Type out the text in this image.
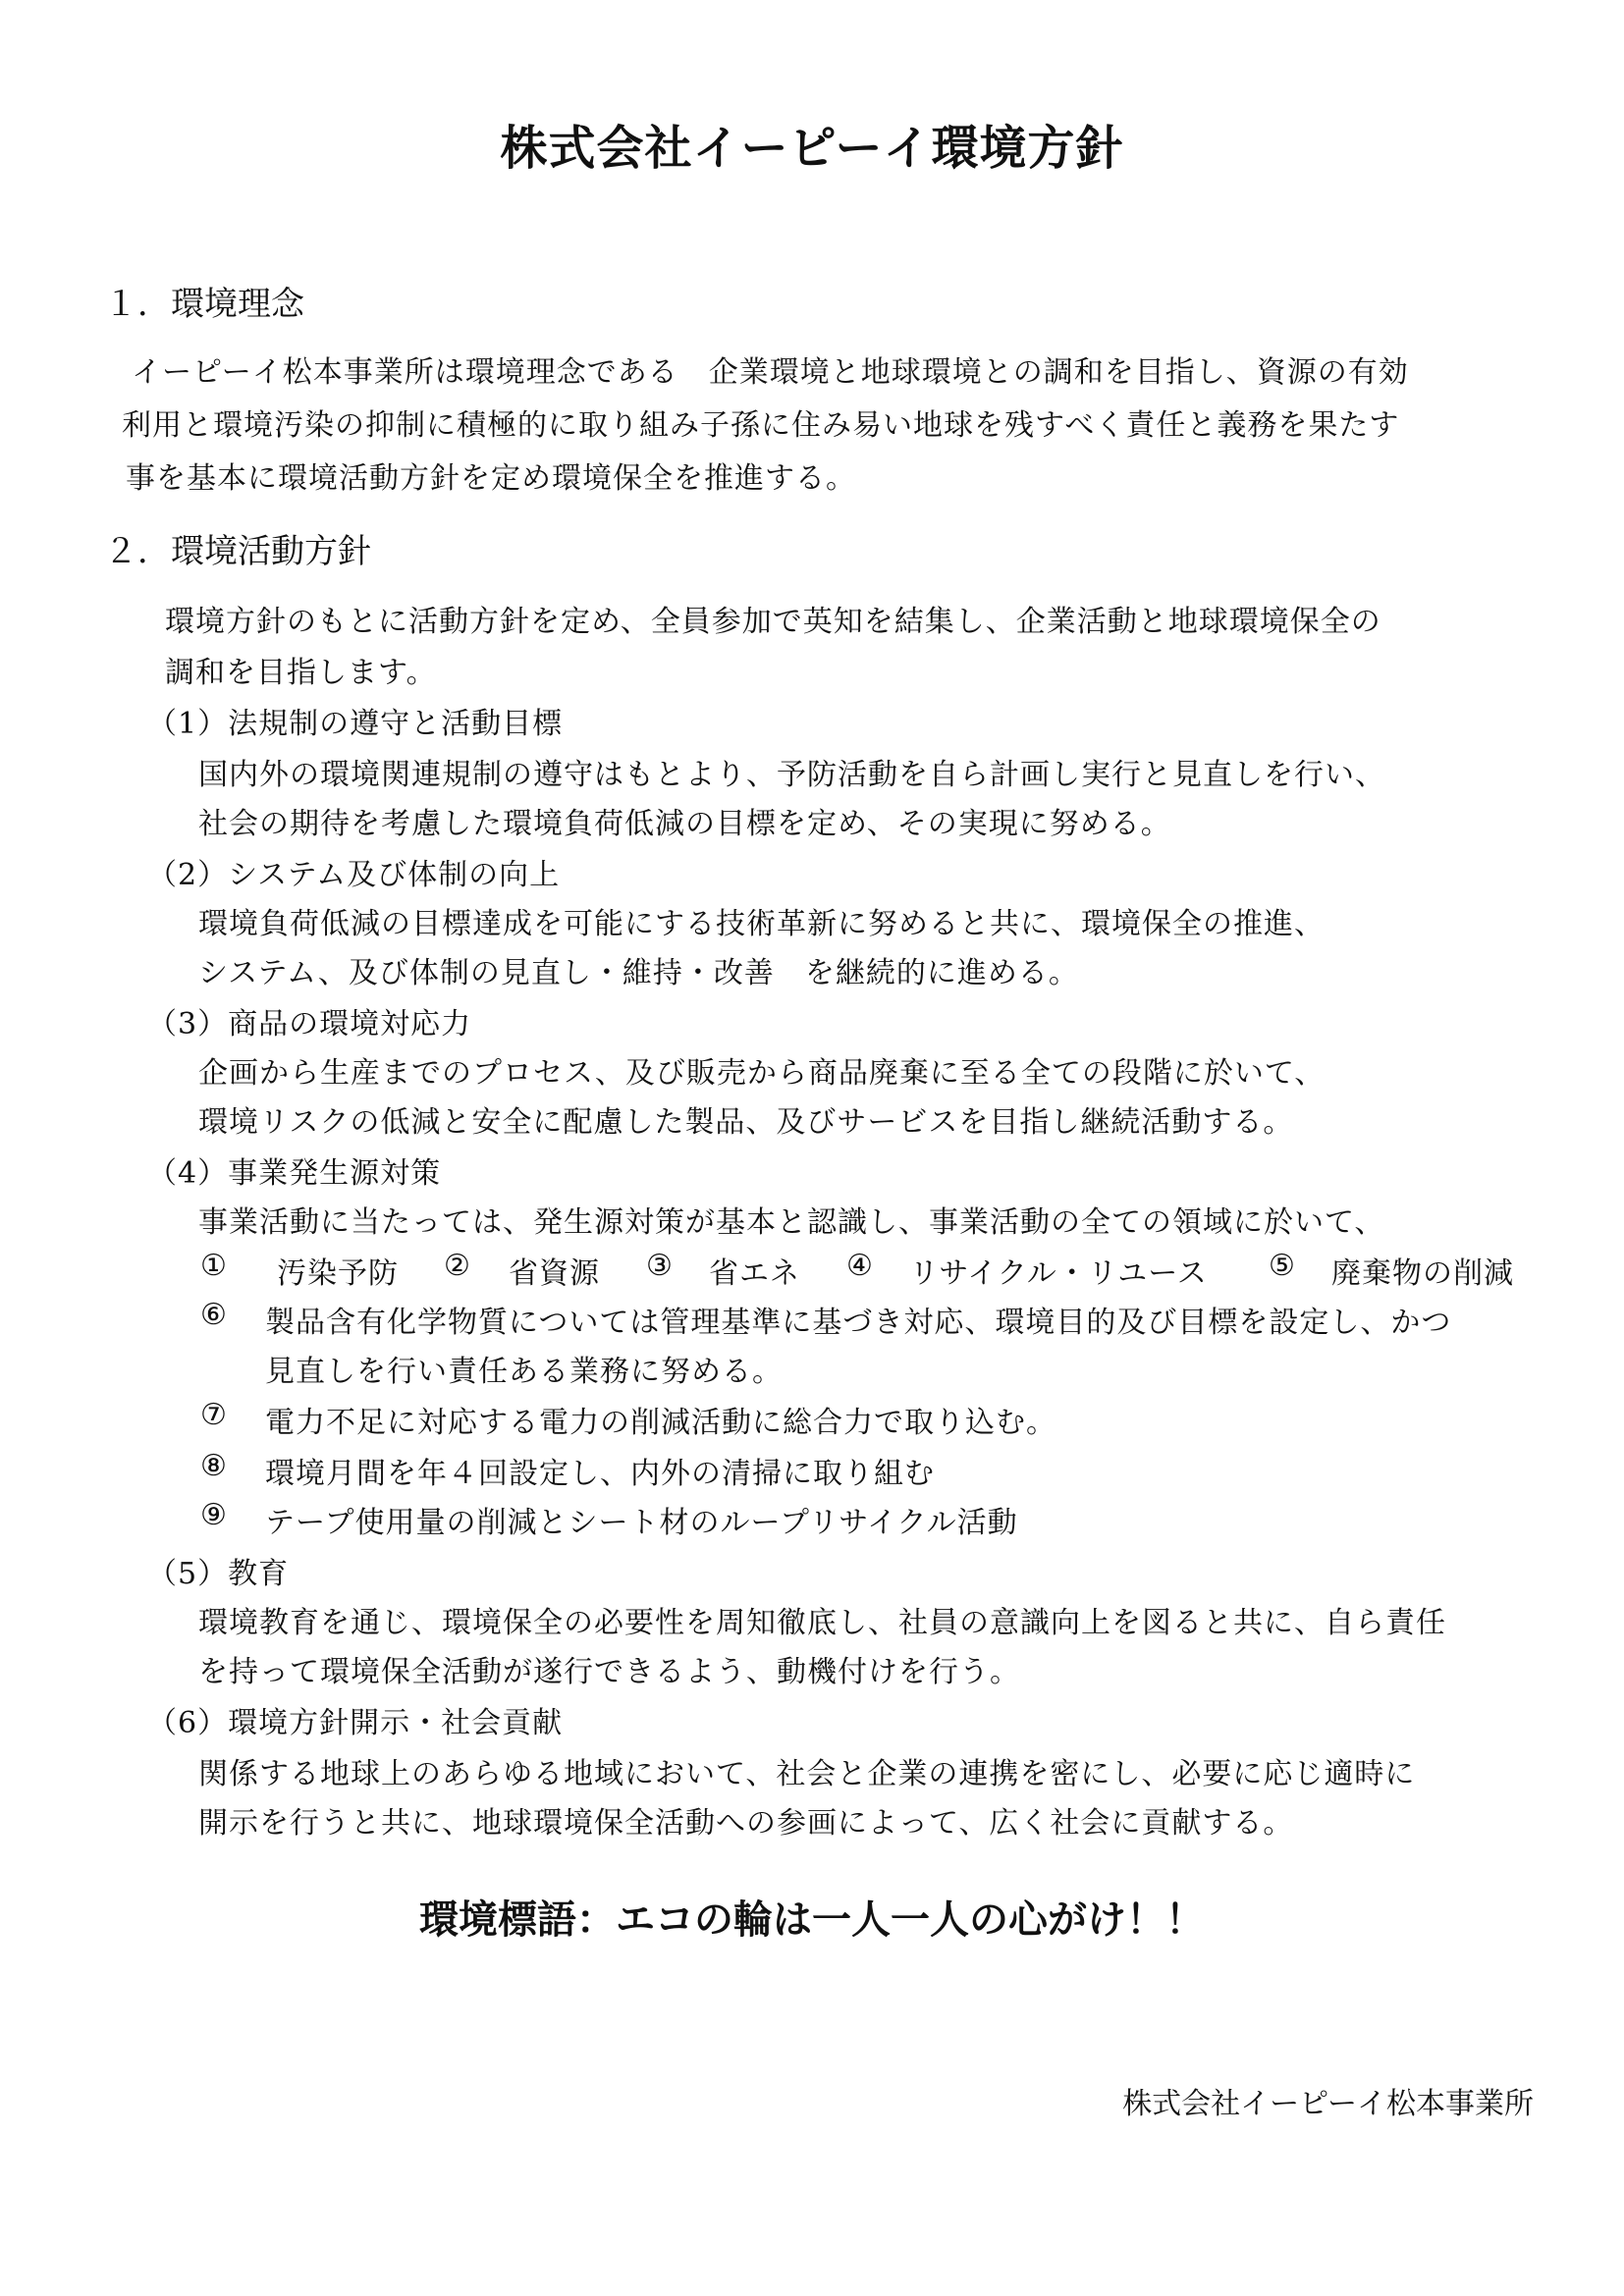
株式会社イーピーイ環境方針
１．環境理念
イーピーイ松本事業所は環境理念である　企業環境と地球環境との調和を目指し、資源の有効
利用と環境汚染の抑制に積極的に取り組み子孫に住み易い地球を残すべく責任と義務を果たす
事を基本に環境活動方針を定め環境保全を推進する。
２．環境活動方針
環境方針のもとに活動方針を定め、全員参加で英知を結集し、企業活動と地球環境保全の
調和を目指します。
（1）法規制の遵守と活動目標
国内外の環境関連規制の遵守はもとより、予防活動を自ら計画し実行と見直しを行い、
社会の期待を考慮した環境負荷低減の目標を定め、その実現に努める。
（2）システム及び体制の向上
環境負荷低減の目標達成を可能にする技術革新に努めると共に、環境保全の推進、
システム、及び体制の見直し・維持・改善　を継続的に進める。
（3）商品の環境対応力
企画から生産までのプロセス、及び販売から商品廃棄に至る全ての段階に於いて、
環境リスクの低減と安全に配慮した製品、及びサービスを目指し継続活動する。
（4）事業発生源対策
事業活動に当たっては、発生源対策が基本と認識し、事業活動の全ての領域に於いて、
① 汚染予防 ② 省資源 ③ 省エネ ④ リサイクル・リユース ⑤ 廃棄物の削減
⑥ 製品含有化学物質については管理基準に基づき対応、環境目的及び目標を設定し、かつ
見直しを行い責任ある業務に努める。
⑦ 電力不足に対応する電力の削減活動に総合力で取り込む。
⑧ 環境月間を年４回設定し、内外の清掃に取り組む
⑨ テープ使用量の削減とシート材のループリサイクル活動
（5）教育
環境教育を通じ、環境保全の必要性を周知徹底し、社員の意識向上を図ると共に、自ら責任
を持って環境保全活動が遂行できるよう、動機付けを行う。
（6）環境方針開示・社会貢献
関係する地球上のあらゆる地域において、社会と企業の連携を密にし、必要に応じ適時に
開示を行うと共に、地球環境保全活動への参画によって、広く社会に貢献する。
環境標語：エコの輪は一人一人の心がけ！！
株式会社イーピーイ松本事業所
